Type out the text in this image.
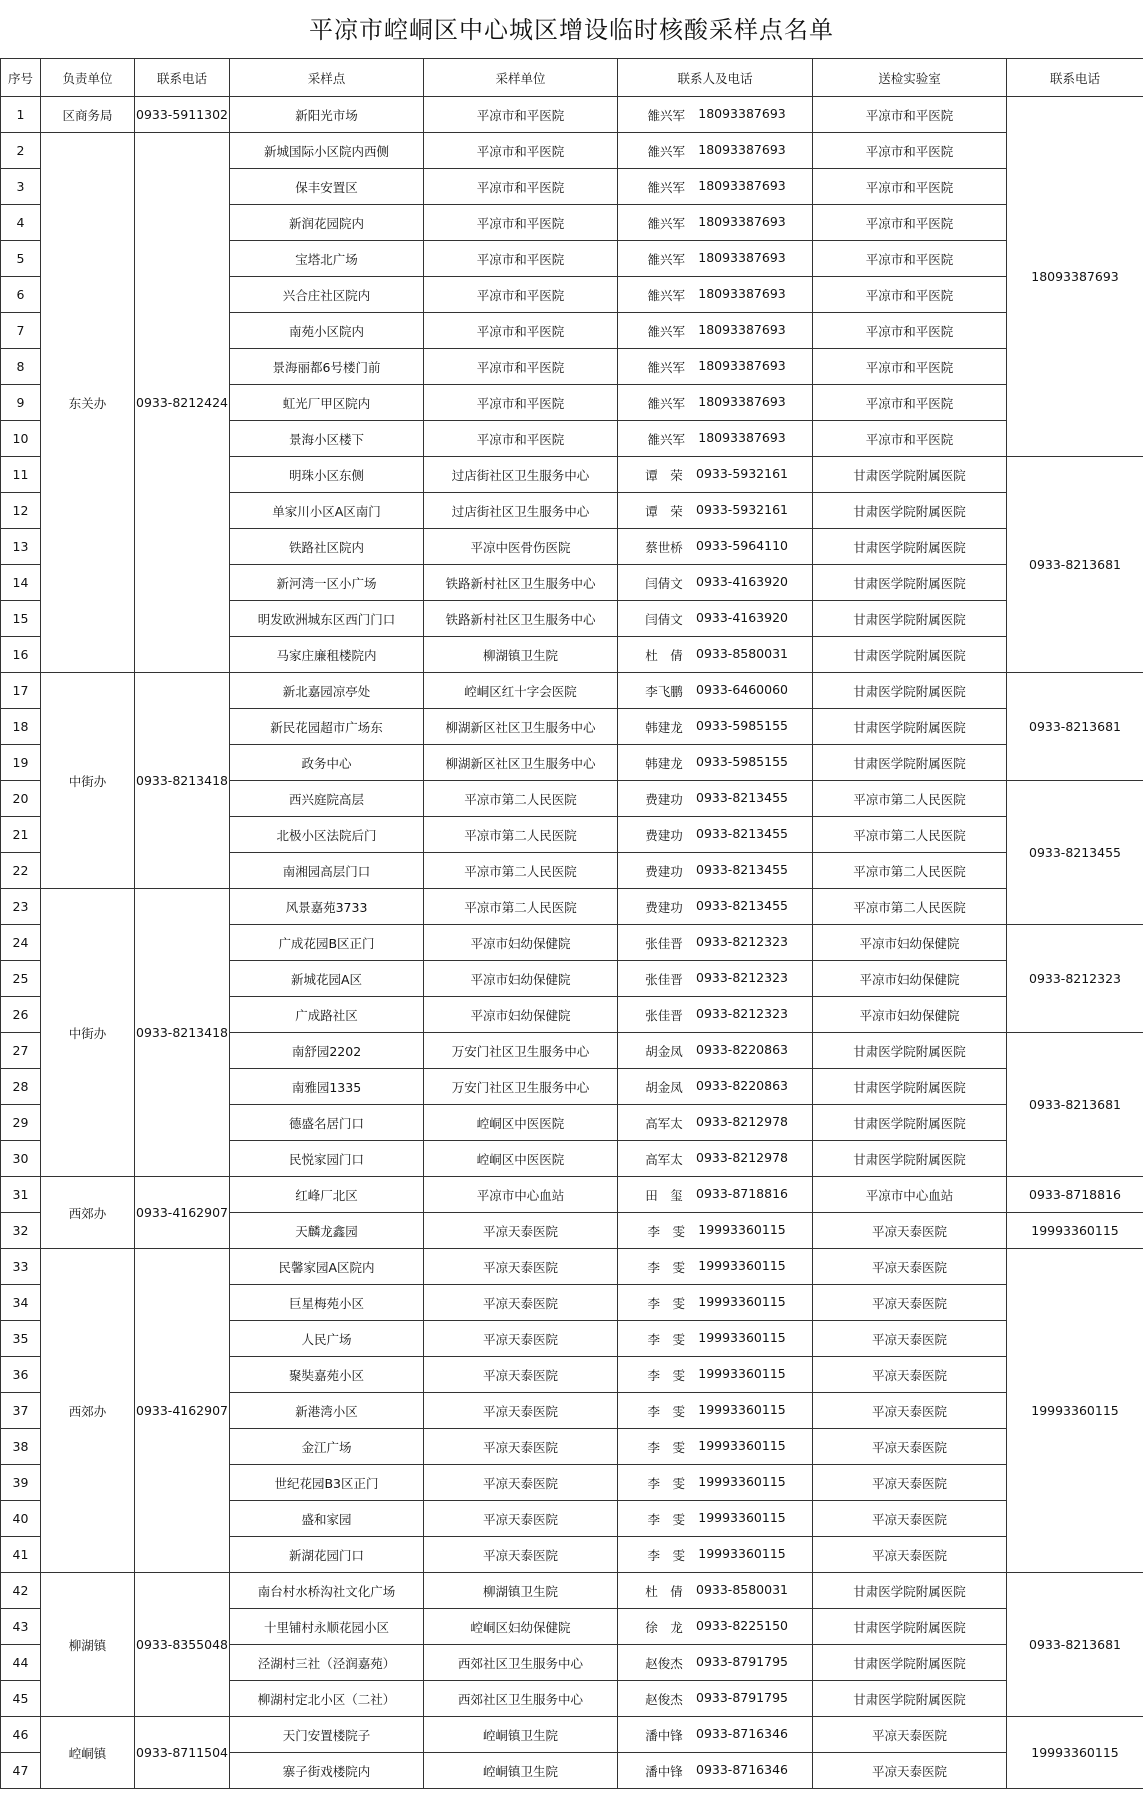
平凉市崆峒区中心城区增设临时核酸采样点名单
序号	负责单位	联系电话	采样点	采样单位	联系人及电话	送检实验室	联系电话
1	区商务局	0933-5911302	新阳光市场	平凉市和平医院	雒兴军 18093387693	平凉市和平医院	18093387693
2	东关办	0933-8212424	新城国际小区院内西侧	平凉市和平医院	雒兴军 18093387693	平凉市和平医院	
3			保丰安置区	平凉市和平医院	雒兴军 18093387693	平凉市和平医院	
4			新润花园院内	平凉市和平医院	雒兴军 18093387693	平凉市和平医院	
5			宝塔北广场	平凉市和平医院	雒兴军 18093387693	平凉市和平医院	
6			兴合庄社区院内	平凉市和平医院	雒兴军 18093387693	平凉市和平医院	
7			南苑小区院内	平凉市和平医院	雒兴军 18093387693	平凉市和平医院	
8			景海丽都6号楼门前	平凉市和平医院	雒兴军 18093387693	平凉市和平医院	
9			虹光厂甲区院内	平凉市和平医院	雒兴军 18093387693	平凉市和平医院	
10			景海小区楼下	平凉市和平医院	雒兴军 18093387693	平凉市和平医院	
11			明珠小区东侧	过店街社区卫生服务中心	谭　荣 0933-5932161	甘肃医学院附属医院	0933-8213681
12			单家川小区A区南门	过店街社区卫生服务中心	谭　荣 0933-5932161	甘肃医学院附属医院	
13			铁路社区院内	平凉中医骨伤医院	蔡世桥 0933-5964110	甘肃医学院附属医院	
14			新河湾一区小广场	铁路新村社区卫生服务中心	闫倩文 0933-4163920	甘肃医学院附属医院	
15			明发欧洲城东区西门门口	铁路新村社区卫生服务中心	闫倩文 0933-4163920	甘肃医学院附属医院	
16			马家庄廉租楼院内	柳湖镇卫生院	杜　倩 0933-8580031	甘肃医学院附属医院	
17	中街办	0933-8213418	新北嘉园凉亭处	崆峒区红十字会医院	李飞鹏 0933-6460060	甘肃医学院附属医院	0933-8213681
18			新民花园超市广场东	柳湖新区社区卫生服务中心	韩建龙 0933-5985155	甘肃医学院附属医院	
19			政务中心	柳湖新区社区卫生服务中心	韩建龙 0933-5985155	甘肃医学院附属医院	
20			西兴庭院高层	平凉市第二人民医院	费建功 0933-8213455	平凉市第二人民医院	0933-8213455
21			北极小区法院后门	平凉市第二人民医院	费建功 0933-8213455	平凉市第二人民医院	
22			南湘园高层门口	平凉市第二人民医院	费建功 0933-8213455	平凉市第二人民医院	
23	中街办	0933-8213418	风景嘉苑3733	平凉市第二人民医院	费建功 0933-8213455	平凉市第二人民医院	
24			广成花园B区正门	平凉市妇幼保健院	张佳晋 0933-8212323	平凉市妇幼保健院	0933-8212323
25			新城花园A区	平凉市妇幼保健院	张佳晋 0933-8212323	平凉市妇幼保健院	
26			广成路社区	平凉市妇幼保健院	张佳晋 0933-8212323	平凉市妇幼保健院	
27			南舒园2202	万安门社区卫生服务中心	胡金凤 0933-8220863	甘肃医学院附属医院	0933-8213681
28			南雅园1335	万安门社区卫生服务中心	胡金凤 0933-8220863	甘肃医学院附属医院	
29			德盛名居门口	崆峒区中医医院	高军太 0933-8212978	甘肃医学院附属医院	
30			民悦家园门口	崆峒区中医医院	高军太 0933-8212978	甘肃医学院附属医院	
31	西郊办	0933-4162907	红峰厂北区	平凉市中心血站	田　玺 0933-8718816	平凉市中心血站	0933-8718816
32			天麟龙鑫园	平凉天泰医院	李　雯 19993360115	平凉天泰医院	19993360115
33	西郊办	0933-4162907	民馨家园A区院内	平凉天泰医院	李　雯 19993360115	平凉天泰医院	19993360115
34			巨星梅苑小区	平凉天泰医院	李　雯 19993360115	平凉天泰医院	
35			人民广场	平凉天泰医院	李　雯 19993360115	平凉天泰医院	
36			聚奘嘉苑小区	平凉天泰医院	李　雯 19993360115	平凉天泰医院	
37			新港湾小区	平凉天泰医院	李　雯 19993360115	平凉天泰医院	
38			金江广场	平凉天泰医院	李　雯 19993360115	平凉天泰医院	
39			世纪花园B3区正门	平凉天泰医院	李　雯 19993360115	平凉天泰医院	
40			盛和家园	平凉天泰医院	李　雯 19993360115	平凉天泰医院	
41			新湖花园门口	平凉天泰医院	李　雯 19993360115	平凉天泰医院	
42	柳湖镇	0933-8355048	南台村水桥沟社文化广场	柳湖镇卫生院	杜　倩 0933-8580031	甘肃医学院附属医院	0933-8213681
43			十里铺村永顺花园小区	崆峒区妇幼保健院	徐　龙 0933-8225150	甘肃医学院附属医院	
44			泾湖村三社（泾润嘉苑）	西郊社区卫生服务中心	赵俊杰 0933-8791795	甘肃医学院附属医院	
45			柳湖村定北小区（二社）	西郊社区卫生服务中心	赵俊杰 0933-8791795	甘肃医学院附属医院	
46	崆峒镇	0933-8711504	天门安置楼院子	崆峒镇卫生院	潘中锋 0933-8716346	平凉天泰医院	19993360115
47			寨子街戏楼院内	崆峒镇卫生院	潘中锋 0933-8716346	平凉天泰医院	
